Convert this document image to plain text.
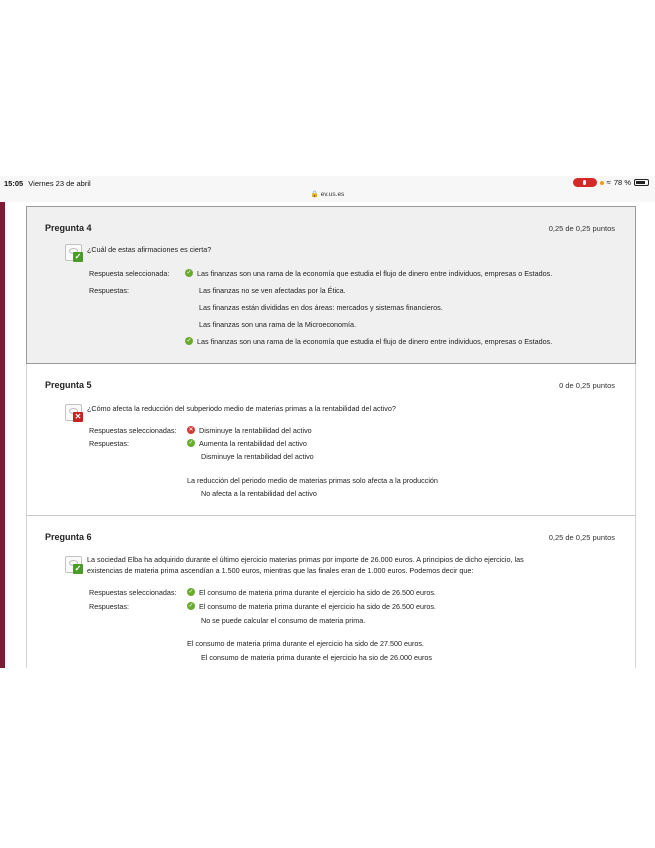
15:05 Viernes 23 de abril
🔒 ev.us.es
≈ 78 %
Pregunta 4	0,25 de 0,25 puntos
✓
¿Cuál de estas afirmaciones es cierta?
Respuesta seleccionada:	✓ Las finanzas son una rama de la economía que estudia el flujo de dinero entre individuos, empresas o Estados.
Respuestas:	Las finanzas no se ven afectadas por la Ética.
Las finanzas están divididas en dos áreas: mercados y sistemas financieros.
Las finanzas son una rama de la Microeconomía.
✓ Las finanzas son una rama de la economía que estudia el flujo de dinero entre individuos, empresas o Estados.
Pregunta 5	0 de 0,25 puntos
✕
¿Cómo afecta la reducción del subperiodo medio de materias primas a la rentabilidad del activo?
Respuestas seleccionadas: ✕ Disminuye la rentabilidad del activo
Respuestas:	✓ Aumenta la rentabilidad del activo
Disminuye la rentabilidad del activo
La reducción del periodo medio de materias primas solo afecta a la producción
No afecta a la rentabilidad del activo
Pregunta 6	0,25 de 0,25 puntos
✓
La sociedad Elba ha adquirido durante el último ejercicio materias primas por importe de 26.000 euros. A principios de dicho ejercicio, las
existencias de materia prima ascendían a 1.500 euros, mientras que las finales eran de 1.000 euros. Podemos decir que:
Respuestas seleccionadas: ✓ El consumo de materia prima durante el ejercicio ha sido de 26.500 euros.
Respuestas:	✓ El consumo de materia prima durante el ejercicio ha sido de 26.500 euros.
No se puede calcular el consumo de materia prima.
El consumo de materia prima durante el ejercicio ha sido de 27.500 euros.
El consumo de materia prima durante el ejercicio ha sio de 26.000 euros
